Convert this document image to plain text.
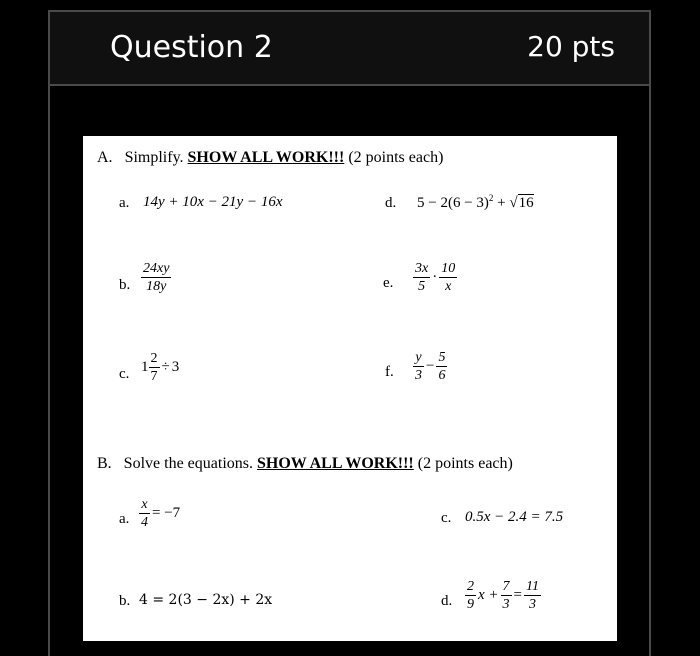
Question 2	20 pts
A. Simplify. SHOW ALL WORK!!! (2 points each)
a. 14y + 10x − 21y − 16x	d. $5 - 2(6 - 3)^2 + √16$
b. $\frac{24xy}{18y}$	e. $\frac{3x}{5} \cdot \frac{10}{x}$
c. $1 \frac{2}{7} \div 3$	f. $\frac{y}{3} - \frac{5}{6}$
B. Solve the equations. SHOW ALL WORK!!! (2 points each)
a. $\frac{x}{4} = -7$	c. 0.5x − 2.4 = 7.5
b. 4 = 2(3 − 2x) + 2x	d. $\frac{2}{9}$ $x + \frac{7}{3} = \frac{11}{3}$
